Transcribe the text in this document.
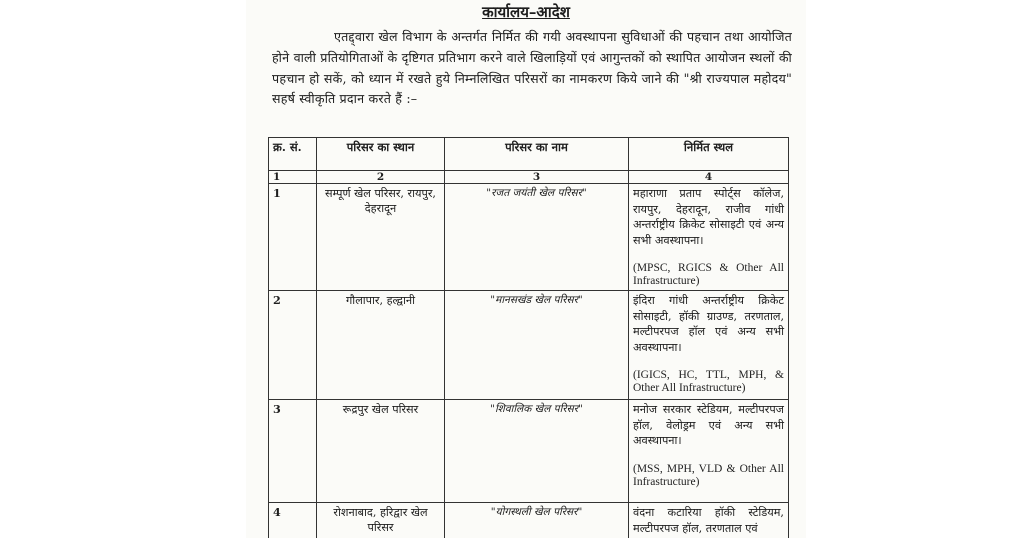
कार्यालय–आदेश
एतद्द्वारा खेल विभाग के अन्तर्गत निर्मित की गयी अवस्थापना सुविधाओं की पहचान तथा आयोजित होने वाली प्रतियोगिताओं के दृष्टिगत प्रतिभाग करने वाले खिलाड़ियों एवं आगुन्तकों को स्थापित आयोजन स्थलों की पहचान हो सकें, को ध्यान में रखते हुये निम्नलिखित परिसरों का नामकरण किये जाने की "श्री राज्यपाल महोदय" सहर्ष स्वीकृति प्रदान करते हैं :–
क्र. सं.	परिसर का स्थान	परिसर का नाम	निर्मित स्थल
1	2	3	4
1	सम्पूर्ण खेल परिसर, रायपुर, देहरादून	"रजत जयंती खेल परिसर"	महाराणा प्रताप स्पोर्ट्स कॉलेज, रायपुर, देहरादून, राजीव गांधी अन्तर्राष्ट्रीय क्रिकेट सोसाइटी एवं अन्य सभी अवस्थापना।
(MPSC, RGICS & Other All Infrastructure)

2	गौलापार, हल्द्वानी	"मानसखंड खेल परिसर"	इंदिरा गांधी अन्तर्राष्ट्रीय क्रिकेट सोसाइटी, हॉकी ग्राउण्ड, तरणताल, मल्टीपरपज हॉल एवं अन्य सभी अवस्थापना।
(IGICS, HC, TTL, MPH, & Other All Infrastructure)

3	रूद्रपुर खेल परिसर	"शिवालिक खेल परिसर"	मनोज सरकार स्टेडियम, मल्टीपरपज हॉल, वेलोड्रम एवं अन्य सभी अवस्थापना।
(MSS, MPH, VLD & Other All Infrastructure)

4	रोशनाबाद, हरिद्वार खेल परिसर	"योगस्थली खेल परिसर"	वंदना कटारिया हॉकी स्टेडियम, मल्टीपरपज हॉल, तरणताल एवं
